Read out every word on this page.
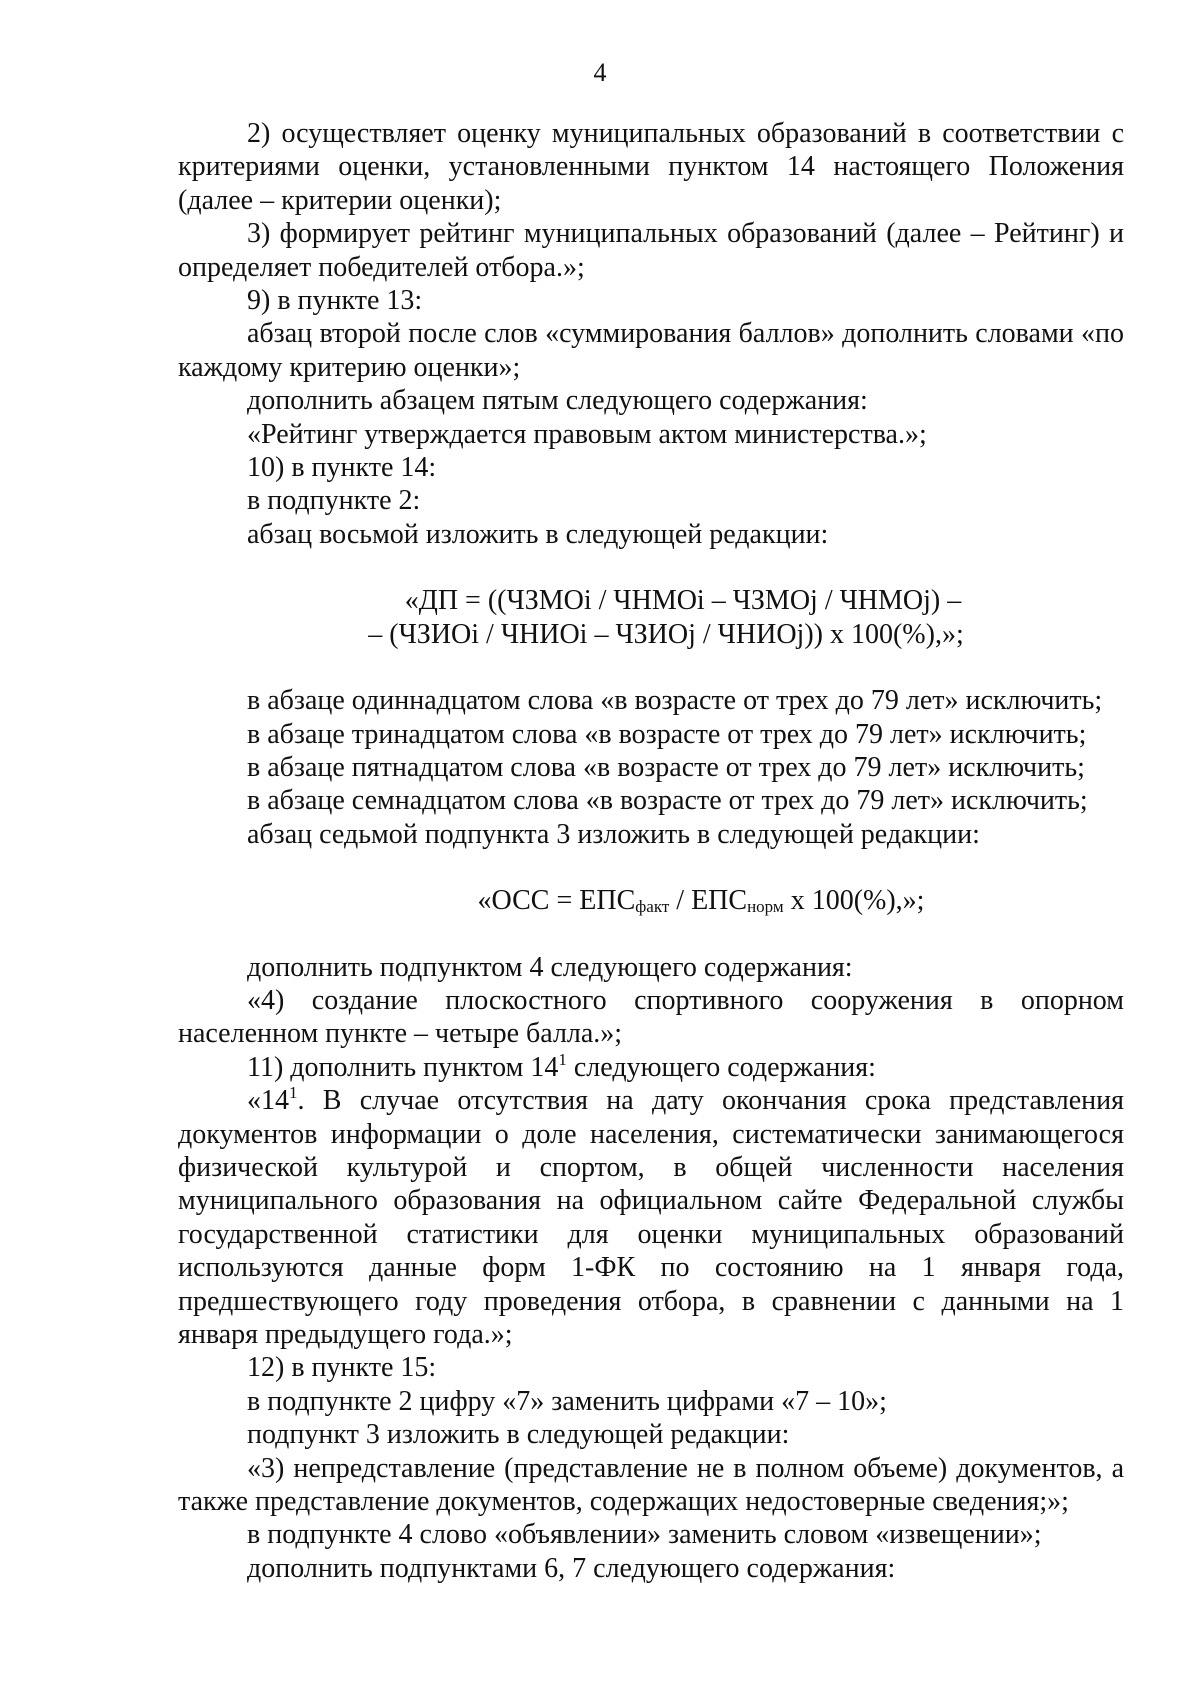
4

2) осуществляет оценку муниципальных образований в соответствии с критериями оценки, установленными пунктом 14 настоящего Положения (далее – критерии оценки);

3) формирует рейтинг муниципальных образований (далее – Рейтинг) и определяет победителей отбора.»;

9) в пункте 13:

абзац второй после слов «суммирования баллов» дополнить словами «по каждому критерию оценки»;

дополнить абзацем пятым следующего содержания:

«Рейтинг утверждается правовым актом министерства.»;

10) в пункте 14:

в подпункте 2:

абзац восьмой изложить в следующей редакции:

«ДП = ((ЧЗМОi / ЧНМОi – ЧЗМОj / ЧНМОj) –
– (ЧЗИОi / ЧНИОi – ЧЗИОj / ЧНИОj)) х 100(%),»;

в абзаце одиннадцатом слова «в возрасте от трех до 79 лет» исключить;

в абзаце тринадцатом слова «в возрасте от трех до 79 лет» исключить;

в абзаце пятнадцатом слова «в возрасте от трех до 79 лет» исключить;

в абзаце семнадцатом слова «в возрасте от трех до 79 лет» исключить;

абзац седьмой подпункта 3 изложить в следующей редакции:

«ОСС = $ЕПС_{факт} / ЕПС_{норм}$ х 100(%),»;

дополнить подпунктом 4 следующего содержания:

«4) создание плоскостного спортивного сооружения в опорном населенном пункте – четыре балла.»;

11) дополнить пунктом $14^1$ следующего содержания:

«$14^1$. В случае отсутствия на дату окончания срока представления документов информации о доле населения, систематически занимающегося физической культурой и спортом, в общей численности населения муниципального образования на официальном сайте Федеральной службы государственной статистики для оценки муниципальных образований используются данные форм 1-ФК по состоянию на 1 января года, предшествующего году проведения отбора, в сравнении с данными на 1 января предыдущего года.»;

12) в пункте 15:

в подпункте 2 цифру «7» заменить цифрами «7 – 10»;

подпункт 3 изложить в следующей редакции:

«3) непредставление (представление не в полном объеме) документов, а также представление документов, содержащих недостоверные сведения;»;

в подпункте 4 слово «объявлении» заменить словом «извещении»;

дополнить подпунктами 6, 7 следующего содержания:
